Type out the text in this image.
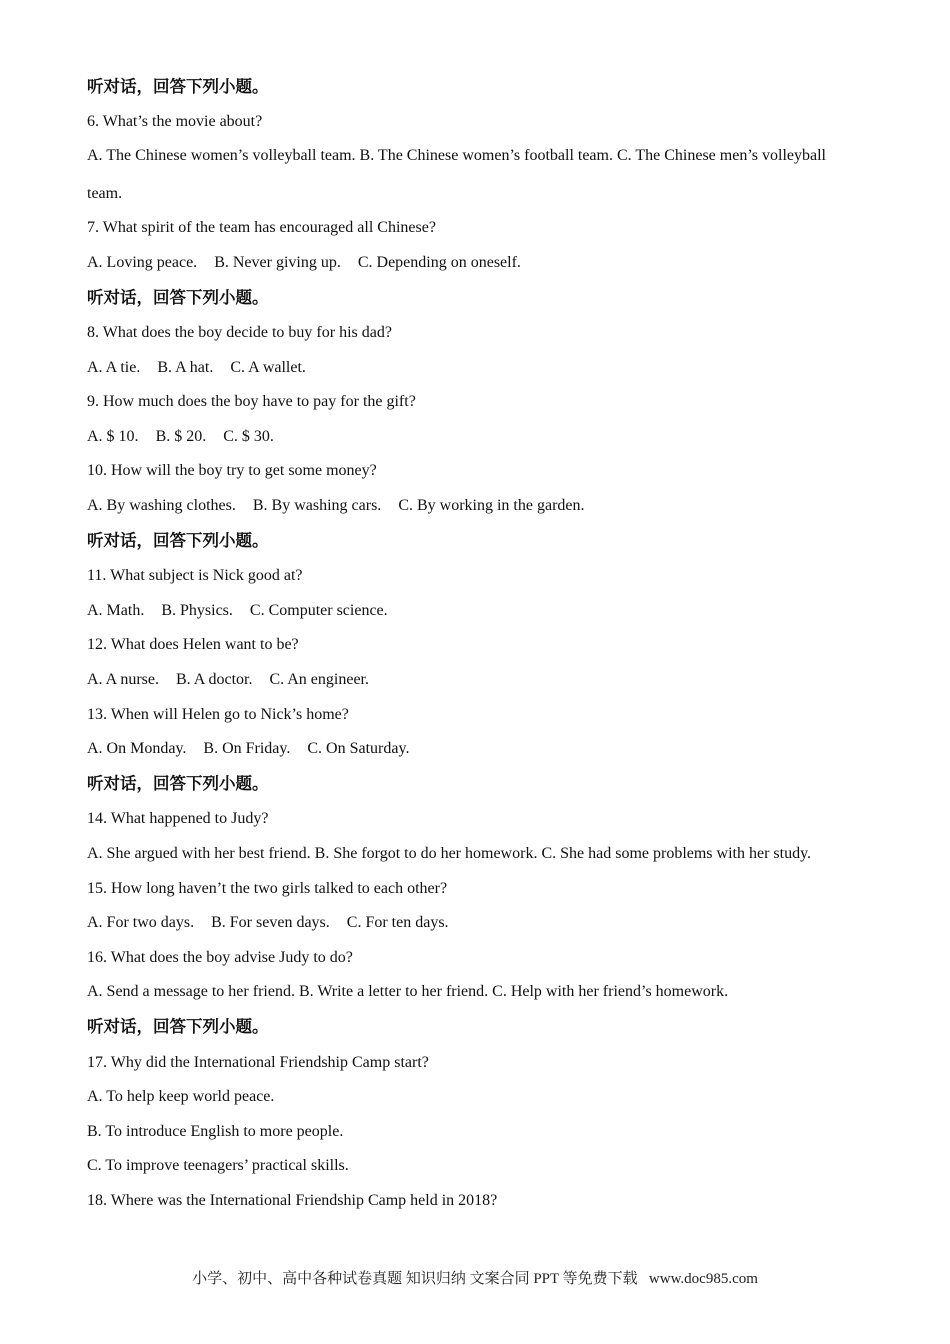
听对话，回答下列小题。
6. What’s the movie about?
A. The Chinese women’s volleyball team. B. The Chinese women’s football team. C. The Chinese men’s volleyball
team.
7. What spirit of the team has encouraged all Chinese?
A. Loving peace. B. Never giving up. C. Depending on oneself.
听对话，回答下列小题。
8. What does the boy decide to buy for his dad?
A. A tie. B. A hat. C. A wallet.
9. How much does the boy have to pay for the gift?
A. $ 10. B. $ 20. C. $ 30.
10. How will the boy try to get some money?
A. By washing clothes. B. By washing cars. C. By working in the garden.
听对话，回答下列小题。
11. What subject is Nick good at?
A. Math. B. Physics. C. Computer science.
12. What does Helen want to be?
A. A nurse. B. A doctor. C. An engineer.
13. When will Helen go to Nick’s home?
A. On Monday. B. On Friday. C. On Saturday.
听对话，回答下列小题。
14. What happened to Judy?
A. She argued with her best friend. B. She forgot to do her homework. C. She had some problems with her study.
15. How long haven’t the two girls talked to each other?
A. For two days. B. For seven days. C. For ten days.
16. What does the boy advise Judy to do?
A. Send a message to her friend. B. Write a letter to her friend. C. Help with her friend’s homework.
听对话，回答下列小题。
17. Why did the International Friendship Camp start?
A. To help keep world peace.
B. To introduce English to more people.
C. To improve teenagers’ practical skills.
18. Where was the International Friendship Camp held in 2018?
小学、初中、高中各种试卷真题 知识归纳 文案合同 PPT 等免费下载 www.doc985.com
